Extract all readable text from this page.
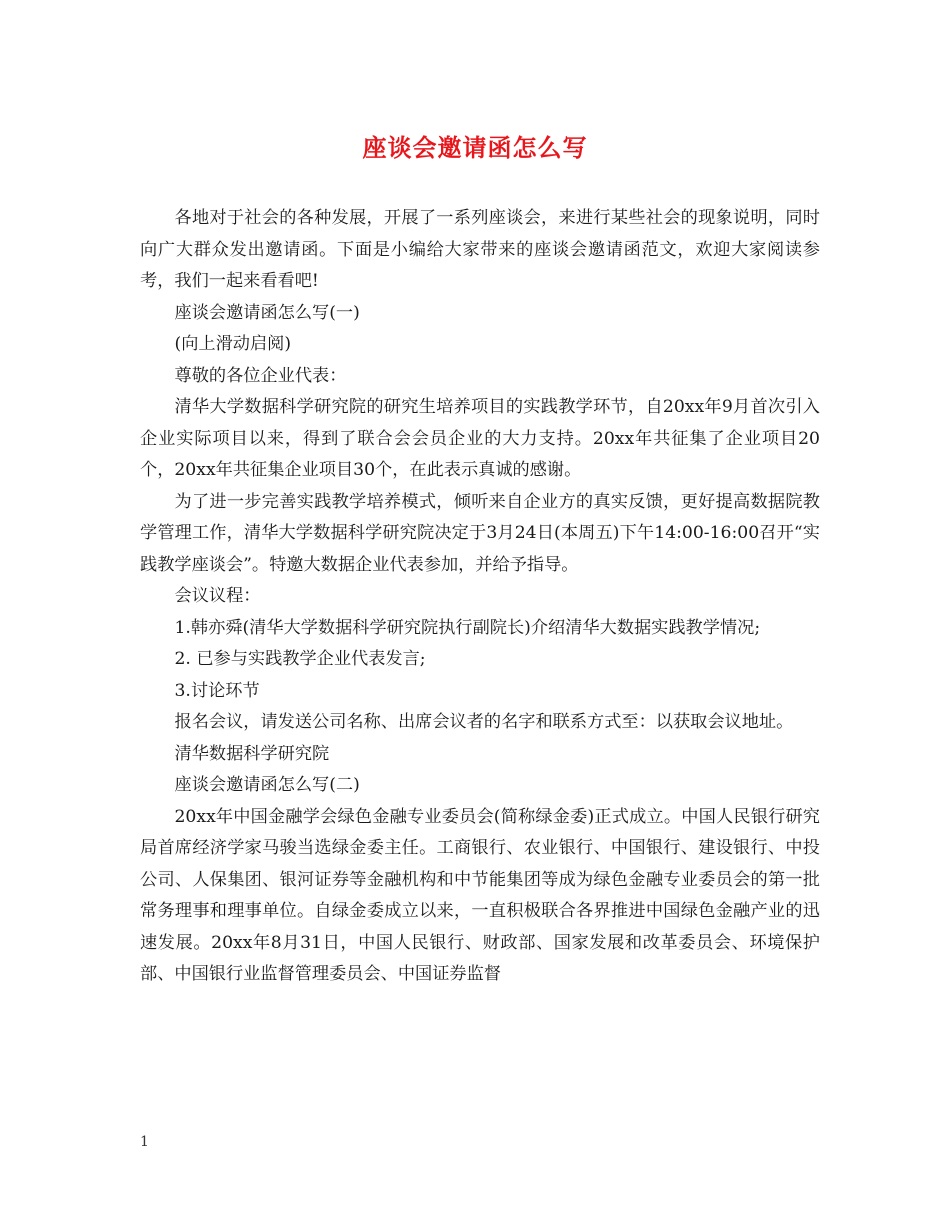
座谈会邀请函怎么写

各地对于社会的各种发展，开展了一系列座谈会，来进行某些社会的现象说明，同时向广大群众发出邀请函。下面是小编给大家带来的座谈会邀请函范文，欢迎大家阅读参考，我们一起来看看吧!

座谈会邀请函怎么写(一)

(向上滑动启阅)

尊敬的各位企业代表：

清华大学数据科学研究院的研究生培养项目的实践教学环节，自20xx年9月首次引入企业实际项目以来，得到了联合会会员企业的大力支持。20xx年共征集了企业项目20个，20xx年共征集企业项目30个，在此表示真诚的感谢。

为了进一步完善实践教学培养模式，倾听来自企业方的真实反馈，更好提高数据院教学管理工作，清华大学数据科学研究院决定于3月24日(本周五)下午14:00-16:00召开“实践教学座谈会”。特邀大数据企业代表参加，并给予指导。

会议议程：

1.韩亦舜(清华大学数据科学研究院执行副院长)介绍清华大数据实践教学情况;

2. 已参与实践教学企业代表发言;

3.讨论环节

报名会议，请发送公司名称、出席会议者的名字和联系方式至：以获取会议地址。

清华数据科学研究院

座谈会邀请函怎么写(二)

20xx年中国金融学会绿色金融专业委员会(简称绿金委)正式成立。中国人民银行研究局首席经济学家马骏当选绿金委主任。工商银行、农业银行、中国银行、建设银行、中投公司、人保集团、银河证券等金融机构和中节能集团等成为绿色金融专业委员会的第一批常务理事和理事单位。自绿金委成立以来，一直积极联合各界推进中国绿色金融产业的迅速发展。20xx年8月31日，中国人民银行、财政部、国家发展和改革委员会、环境保护部、中国银行业监督管理委员会、中国证券监督

1
